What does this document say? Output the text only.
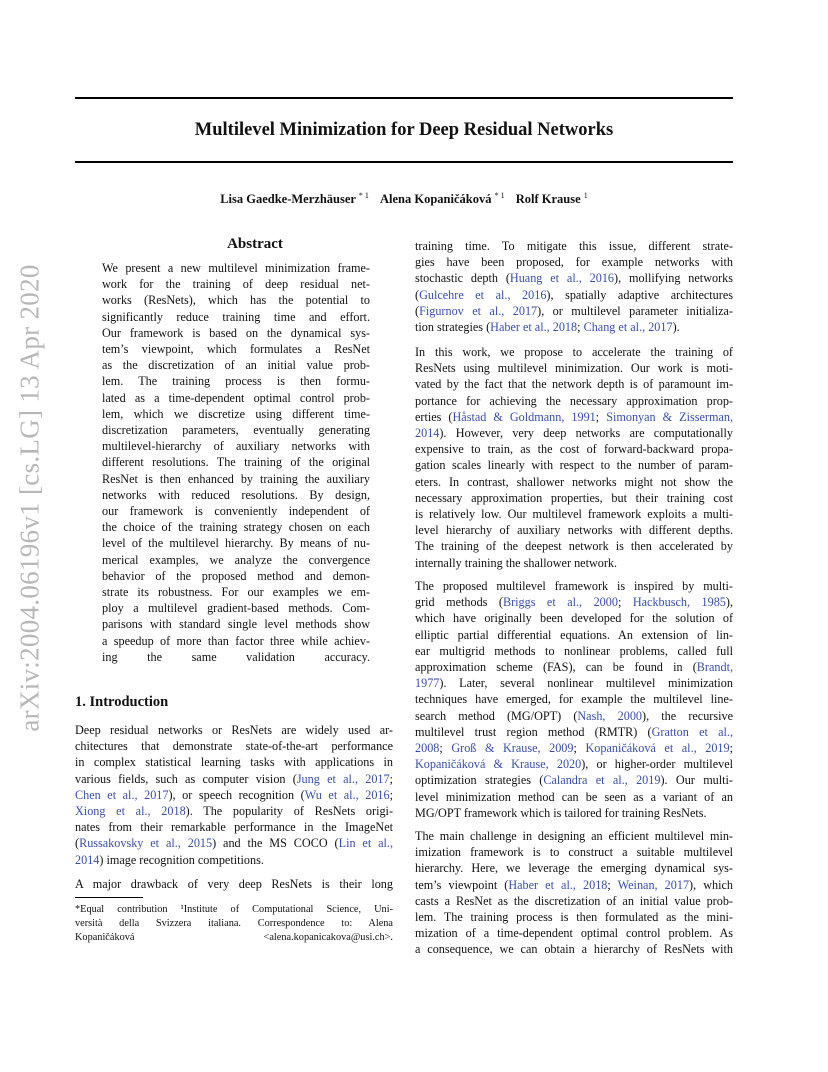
Multilevel Minimization for Deep Residual Networks
Lisa Gaedke-Merzhäuser $^{* 1}$ Alena Kopaničáková $^{* 1}$ Rolf Krause $^1$
arXiv:2004.06196v1 [cs.LG] 13 Apr 2020
Abstract
We present a new multilevel minimization frame-
work for the training of deep residual net-
works (ResNets), which has the potential to
significantly reduce training time and effort.
Our framework is based on the dynamical sys-
tem’s viewpoint, which formulates a ResNet
as the discretization of an initial value prob-
lem. The training process is then formu-
lated as a time-dependent optimal control prob-
lem, which we discretize using different time-
discretization parameters, eventually generating
multilevel-hierarchy of auxiliary networks with
different resolutions. The training of the original
ResNet is then enhanced by training the auxiliary
networks with reduced resolutions. By design,
our framework is conveniently independent of
the choice of the training strategy chosen on each
level of the multilevel hierarchy. By means of nu-
merical examples, we analyze the convergence
behavior of the proposed method and demon-
strate its robustness. For our examples we em-
ploy a multilevel gradient-based methods. Com-
parisons with standard single level methods show
a speedup of more than factor three while achiev-
ing the same validation accuracy.
1. Introduction
Deep residual networks or ResNets are widely used ar-
chitectures that demonstrate state-of-the-art performance
in complex statistical learning tasks with applications in
various fields, such as computer vision (Jung et al., 2017;
Chen et al., 2017), or speech recognition (Wu et al., 2016;
Xiong et al., 2018). The popularity of ResNets origi-
nates from their remarkable performance in the ImageNet
(Russakovsky et al., 2015) and the MS COCO (Lin et al.,
2014) image recognition competitions.
A major drawback of very deep ResNets is their long
*Equal contribution ¹Institute of Computational Science, Uni-
versità della Svizzera italiana. Correspondence to: Alena
Kopaničáková <alena.kopanicakova@usi.ch>.
training time. To mitigate this issue, different strate-
gies have been proposed, for example networks with
stochastic depth (Huang et al., 2016), mollifying networks
(Gulcehre et al., 2016), spatially adaptive architectures
(Figurnov et al., 2017), or multilevel parameter initializa-
tion strategies (Haber et al., 2018; Chang et al., 2017).
In this work, we propose to accelerate the training of
ResNets using multilevel minimization. Our work is moti-
vated by the fact that the network depth is of paramount im-
portance for achieving the necessary approximation prop-
erties (Håstad & Goldmann, 1991; Simonyan & Zisserman,
2014). However, very deep networks are computationally
expensive to train, as the cost of forward-backward propa-
gation scales linearly with respect to the number of param-
eters. In contrast, shallower networks might not show the
necessary approximation properties, but their training cost
is relatively low. Our multilevel framework exploits a multi-
level hierarchy of auxiliary networks with different depths.
The training of the deepest network is then accelerated by
internally training the shallower network.
The proposed multilevel framework is inspired by multi-
grid methods (Briggs et al., 2000; Hackbusch, 1985),
which have originally been developed for the solution of
elliptic partial differential equations. An extension of lin-
ear multigrid methods to nonlinear problems, called full
approximation scheme (FAS), can be found in (Brandt,
1977). Later, several nonlinear multilevel minimization
techniques have emerged, for example the multilevel line-
search method (MG/OPT) (Nash, 2000), the recursive
multilevel trust region method (RMTR) (Gratton et al.,
2008; Groß & Krause, 2009; Kopaničáková et al., 2019;
Kopaničáková & Krause, 2020), or higher-order multilevel
optimization strategies (Calandra et al., 2019). Our multi-
level minimization method can be seen as a variant of an
MG/OPT framework which is tailored for training ResNets.
The main challenge in designing an efficient multilevel min-
imization framework is to construct a suitable multilevel
hierarchy. Here, we leverage the emerging dynamical sys-
tem’s viewpoint (Haber et al., 2018; Weinan, 2017), which
casts a ResNet as the discretization of an initial value prob-
lem. The training process is then formulated as the mini-
mization of a time-dependent optimal control problem. As
a consequence, we can obtain a hierarchy of ResNets with
